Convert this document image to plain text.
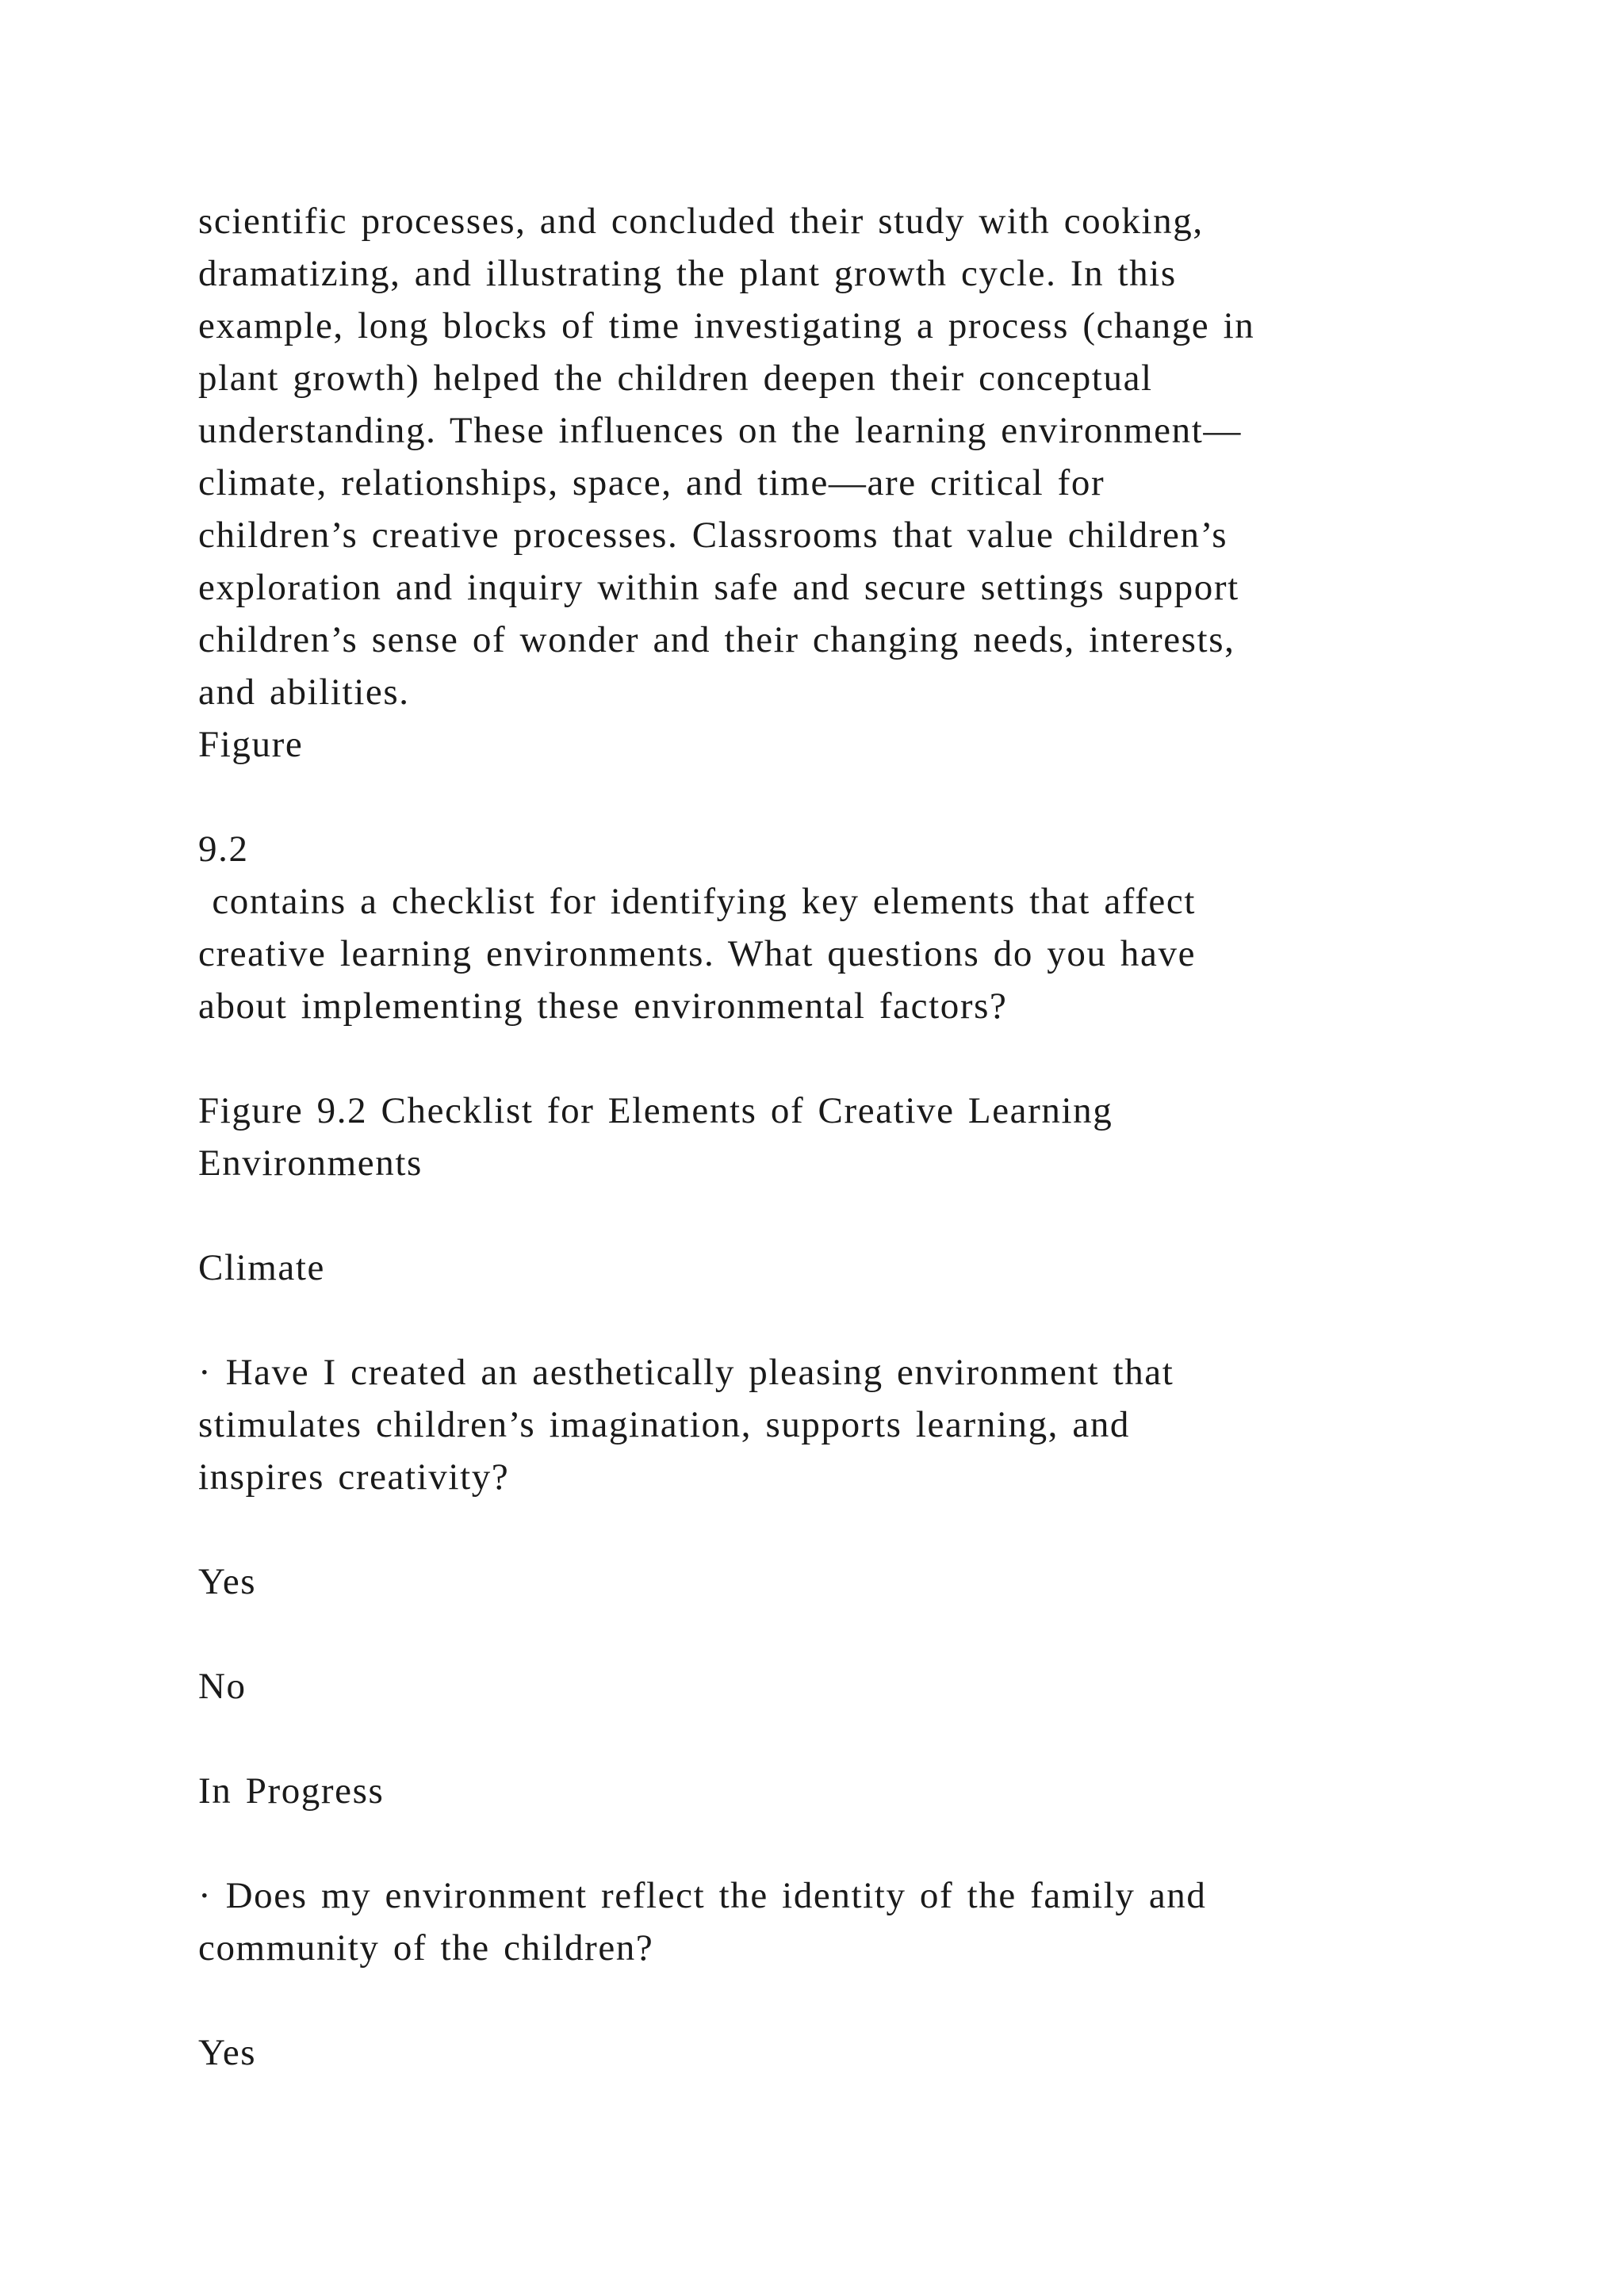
scientific processes, and concluded their study with cooking,
dramatizing, and illustrating the plant growth cycle. In this
example, long blocks of time investigating a process (change in
plant growth) helped the children deepen their conceptual
understanding. These influences on the learning environment—
climate, relationships, space, and time—are critical for
children’s creative processes. Classrooms that value children’s
exploration and inquiry within safe and secure settings support
children’s sense of wonder and their changing needs, interests,
and abilities.
Figure
9.2
contains a checklist for identifying key elements that affect
creative learning environments. What questions do you have
about implementing these environmental factors?
Figure 9.2 Checklist for Elements of Creative Learning
Environments
Climate
· Have I created an aesthetically pleasing environment that
stimulates children’s imagination, supports learning, and
inspires creativity?
Yes
No
In Progress
· Does my environment reflect the identity of the family and
community of the children?
Yes
